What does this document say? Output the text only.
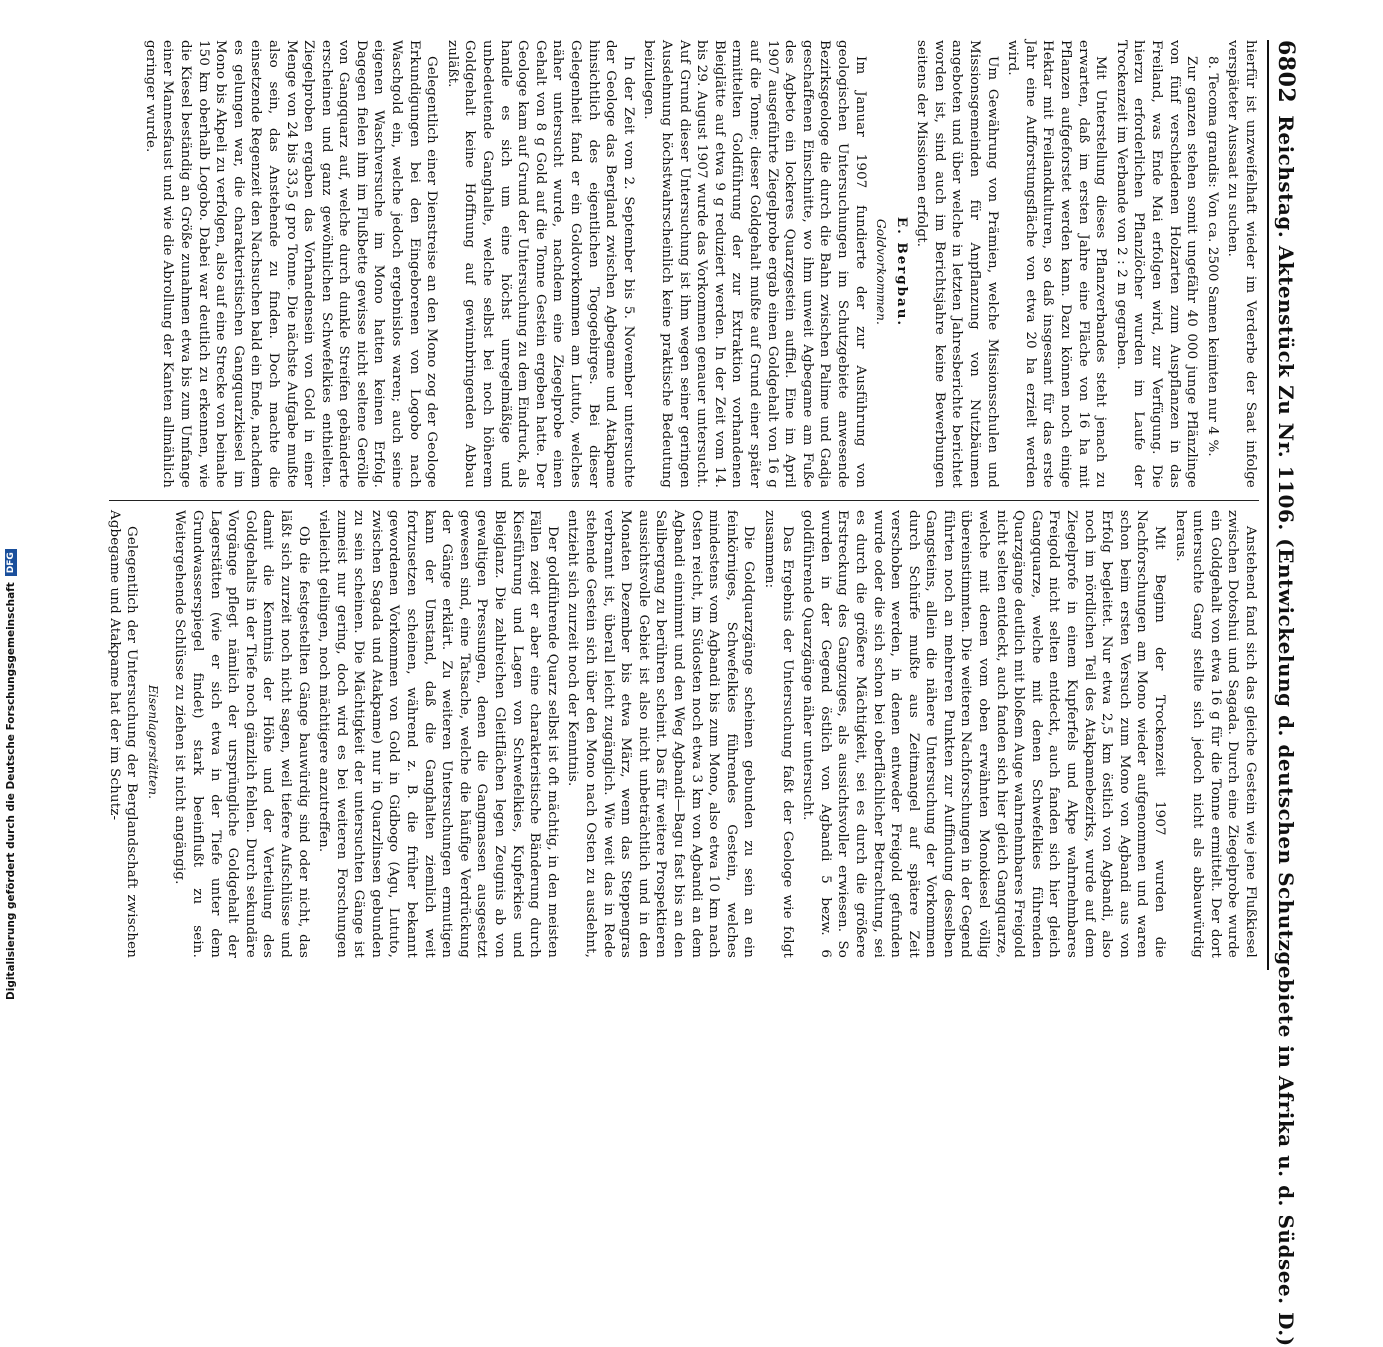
6802
Reichstag. Aktenstück Zu Nr. 1106. (Entwickelung d. deutschen Schutzgebiete in Afrika u. d. Südsee. D.)

hierfür ist unzweifelhaft wieder im Verderbe der Saat infolge verspäteter Aussaat zu suchen.

8. Tecoma grandis: Von ca. 2500 Samen keimten nur 4 %.

Zur ganzen stehen somit ungefähr 40 000 junge Pflänzlinge von fünf verschiedenen Holzarten zum Auspflanzen in das Freiland, was Ende Mai erfolgen wird, zur Verfügung. Die hierzu erforderlichen Pflanzlöcher wurden im Laufe der Trockenzeit im Verbande von 2 : 2 m gegraben.

Mit Unterstellung dieses Pflanzverbandes steht jenach zu erwarten, daß im ersten Jahre eine Fläche von 16 ha mit Pflanzen aufgeforstet werden kann. Dazu können noch einige Hektar mit Freilandkulturen, so daß insgesamt für das erste Jahr eine Aufforstungsfläche von etwa 20 ha erzielt werden wird.

Um Gewährung von Prämien, welche Missionsschulen und Missionsgemeinden für Anpflanzung von Nutzbäumen angeboten und über welche in letzten Jahresberichte berichtet worden ist, sind auch im Berichtsjahre keine Bewerbungen seitens der Missionen erfolgt.

E. Bergbau.

Goldvorkommen.

Im Januar 1907 fundierte der zur Ausführung von geologischen Untersuchungen im Schutzgebiete anwesende Bezirksgeologe die durch die Bahn zwischen Palime und Gadja geschaffenen Einschnitte, wo ihm unweit Agbegame am Fuße des Agbeto ein lockeres Quarzgestein auffiel. Eine im April 1907 ausgeführte Ziegelprobe ergab einen Goldgehalt von 16 g auf die Tonne; dieser Goldgehalt mußte auf Grund einer später ermittelten Goldführung der zur Extraktion vorhandenen Bleiglätte auf etwa 9 g reduziert werden. In der Zeit vom 14. bis 29. August 1907 wurde das Vorkommen genauer untersucht. Auf Grund dieser Untersuchung ist ihm wegen seiner geringen Ausdehnung höchstwahrscheinlich keine praktische Bedeutung beizulegen.

In der Zeit vom 2. September bis 5. November untersuchte der Geologe das Bergland zwischen Agbegame und Atakpame hinsichtlich des eigentlichen Togogebirges. Bei dieser Gelegenheit fand er ein Goldvorkommen am Lututo, welches näher untersucht wurde, nachdem eine Ziegelprobe einen Gehalt von 8 g Gold auf die Tonne Gestein ergeben hatte. Der Geologe kam auf Grund der Untersuchung zu dem Eindruck, als handle es sich um eine höchst unregelmäßige und unbedeutende Ganghalte, welche selbst bei noch höherem Goldgehalt keine Hoffnung auf gewinnbringenden Abbau zuläßt.

Gelegentlich einer Dienstreise an den Mono zog der Geologe Erkundigungen bei den Eingeborenen von Logobo nach Waschgold ein, welche jedoch ergebnislos waren; auch seine eigenen Waschversuche im Mono hatten keinen Erfolg. Dagegen fielen ihm im Flußbette gewisse nicht seltene Gerölle von Gangquarz auf, welche durch dunkle Streifen gebänderte erscheinen und ganz gewöhnlichen Schwefelkies enthielten. Ziegelproben ergaben das Vorhandensein von Gold in einer Menge von 24 bis 33,5 g pro Tonne. Die nächste Aufgabe mußte also sein, das Anstehende zu finden. Doch machte die einsetzende Regenzeit den Nachsuchen bald ein Ende, nachdem es gelungen war, die charakteristischen Gangquarzkiesel im Mono bis Akpeli zu verfolgen, also auf eine Strecke von beinahe 150 km oberhalb Logobo. Dabei war deutlich zu erkennen, wie die Kiesel beständig an Größe zunahmen etwa bis zum Umfange einer Mannesfaust und wie die Abrollung der Kanten allmählich geringer wurde.

Anstehend fand sich das gleiche Gestein wie jene Flußkiesel zwischen Dotoshui und Sagada. Durch eine Ziegelprobe wurde ein Goldgehalt von etwa 16 g für die Tonne ermittelt. Der dort untersuchte Gang stellte sich jedoch nicht als abbauwürdig heraus.

Mit Beginn der Trockenzeit 1907 wurden die Nachforschungen am Mono wieder aufgenommen und waren schon beim ersten Versuch zum Mono von Agbandi aus von Erfolg begleitet. Nur etwa 2,5 km östlich von Agbandi, also noch im nördlichen Teil des Atakpamebezirks, wurde auf dem Ziegelprofe in einem Kupferfels und Akpe wahrnehmbares Freigold nicht selten entdeckt, auch fanden sich hier gleich Gangquarze, welche mit denen Schwefelkies führenden Quarzgänge deutlich mit bloßem Auge wahrnehmbares Freigold nicht selten entdeckt, auch fanden sich hier gleich Gangquarze, welche mit denen vom oben erwähnten Monokiesel völlig übereinstimmten. Die weiteren Nachforschungen in der Gegend führten noch an mehreren Punkten zur Auffindung desselben Gangsteins, allein die nähere Untersuchung der Vorkommen durch Schürfe mußte aus Zeitmangel auf spätere Zeit verschoben werden, in denen entweder Freigold gefunden wurde oder die sich schon bei oberflächlicher Betrachtung, sei es durch die größere Mächtigkeit, sei es durch die größere Erstreckung des Gangzuges, als aussichtsvoller erwiesen. So wurden in der Gegend östlich von Agbandi 5 bezw. 6 goldführende Quarzgänge näher untersucht.

Das Ergebnis der Untersuchung faßt der Geologe wie folgt zusammen:

Die Goldquarzgänge scheinen gebunden zu sein an ein feinkörniges, Schwefelkies führendes Gestein, welches mindestens vom Agbandi bis zum Mono, also etwa 10 km nach Osten reicht, im Südosten noch etwa 3 km von Agbandi an dem Agbandi einnimmt und den Weg Agbandi—Bagu fast bis an den Salibergang zu berühren scheint. Das für weitere Prospektieren aussichtsvolle Gebiet ist also nicht unbeträchtlich und in den Monaten Dezember bis etwa März, wenn das Steppengras verbrannt ist, überall leicht zugänglich. Wie weit das in Rede stehende Gestein sich über den Mono nach Osten zu ausdehnt, entzieht sich zurzeit noch der Kenntnis.

Der goldführende Quarz selbst ist oft mächtig, in den meisten Fällen zeigt er aber eine charakteristische Bänderung durch Kiesführung und Lagen von Schwefelkies, Kupferkies und Bleiglanz. Die zahlreichen Gleitflächen legen Zeugnis ab von gewaltigen Pressungen, denen die Gangmassen ausgesetzt gewesen sind, eine Tatsache, welche die häufige Verdrückung der Gänge erklärt. Zu weiteren Untersuchungen ermutigen kann der Umstand, daß die Ganghalten ziemlich weit fortzusetzen scheinen, während z. B. die früher bekannt gewordenen Vorkommen von Gold in Gidbogo (Agu, Lututo, zwischen Sagada und Atakpame) nur in Quarzlinsen gebunden zu sein scheinen. Die Mächtigkeit der untersuchten Gänge ist zumeist nur gering, doch wird es bei weiteren Forschungen vielleicht gelingen, noch mächtigere anzutreffen.

Ob die festgestellten Gänge bauwürdig sind oder nicht, das läßt sich zurzeit noch nicht sagen, weil tiefere Aufschlüsse und damit die Kenntnis der Höhe und der Verteilung des Goldgehalts in der Tiefe noch gänzlich fehlen. Durch sekundäre Vorgänge pflegt nämlich der ursprüngliche Goldgehalt der Lagerstätten (wie er sich etwa in der Tiefe unter dem Grundwasserspiegel findet) stark beeinflußt zu sein. Weitergehende Schlüsse zu ziehen ist nicht angängig.

Eisenlagerstätten.

Gelegentlich der Untersuchung der Berglandschaft zwischen Agbegame und Atakpame hat der im Schutz-

Digitalisierung gefördert durch die Deutsche Forschungsgemeinschaft
DFG
